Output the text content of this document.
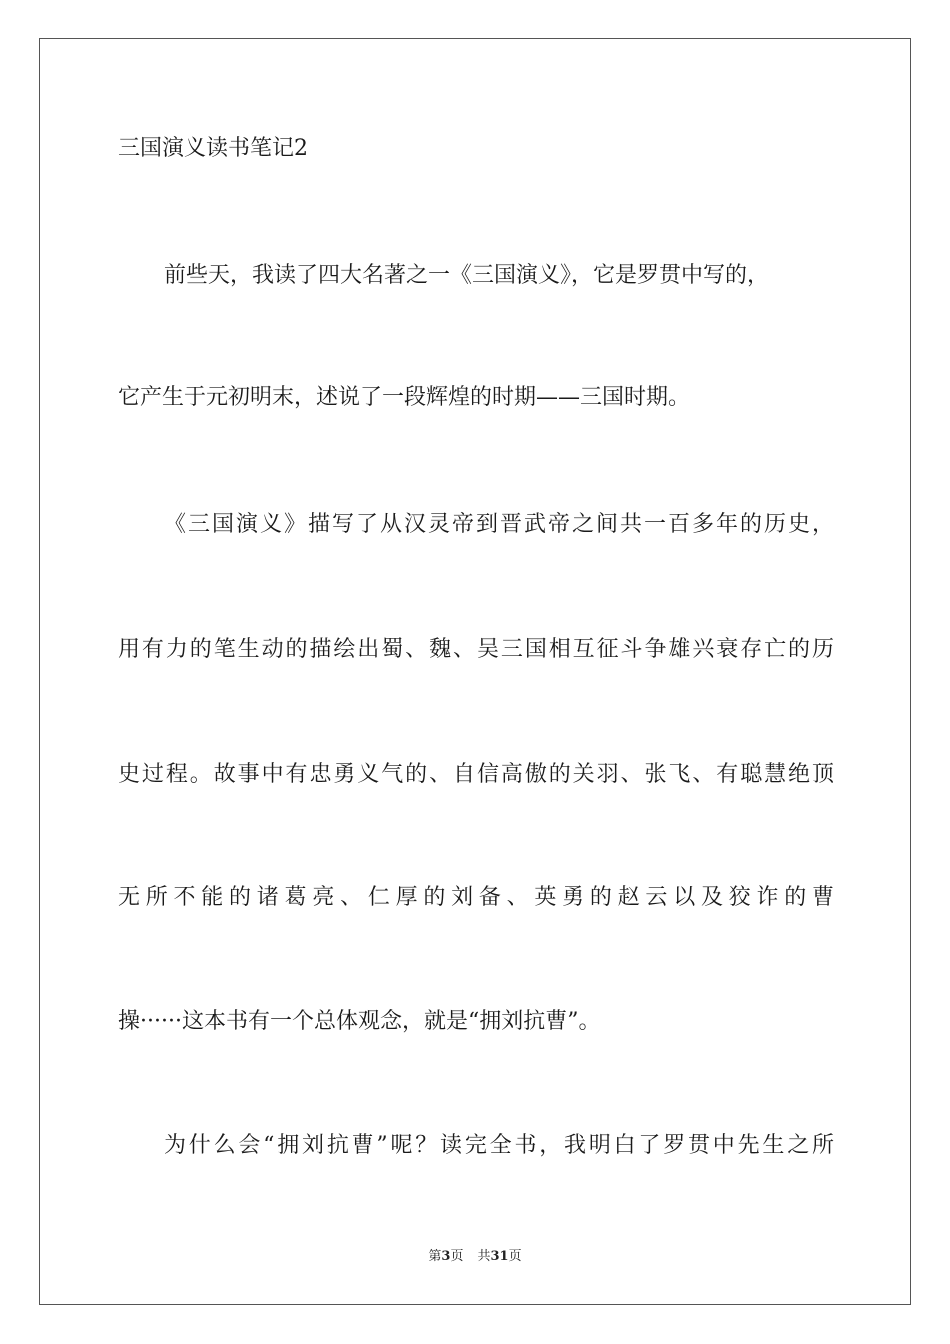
三国演义读书笔记2
前些天，我读了四大名著之一《三国演义》，它是罗贯中写的，
它产生于元初明末，述说了一段辉煌的时期——三国时期。
《三国演义》描写了从汉灵帝到晋武帝之间共一百多年的历史，
用有力的笔生动的描绘出蜀、魏、吴三国相互征斗争雄兴衰存亡的历
史过程。故事中有忠勇义气的、自信高傲的关羽、张飞、有聪慧绝顶
无所不能的诸葛亮、仁厚的刘备、英勇的赵云以及狡诈的曹
操······这本书有一个总体观念，就是“拥刘抗曹”。
为什么会“拥刘抗曹”呢？读完全书，我明白了罗贯中先生之所
第3页 共31页
